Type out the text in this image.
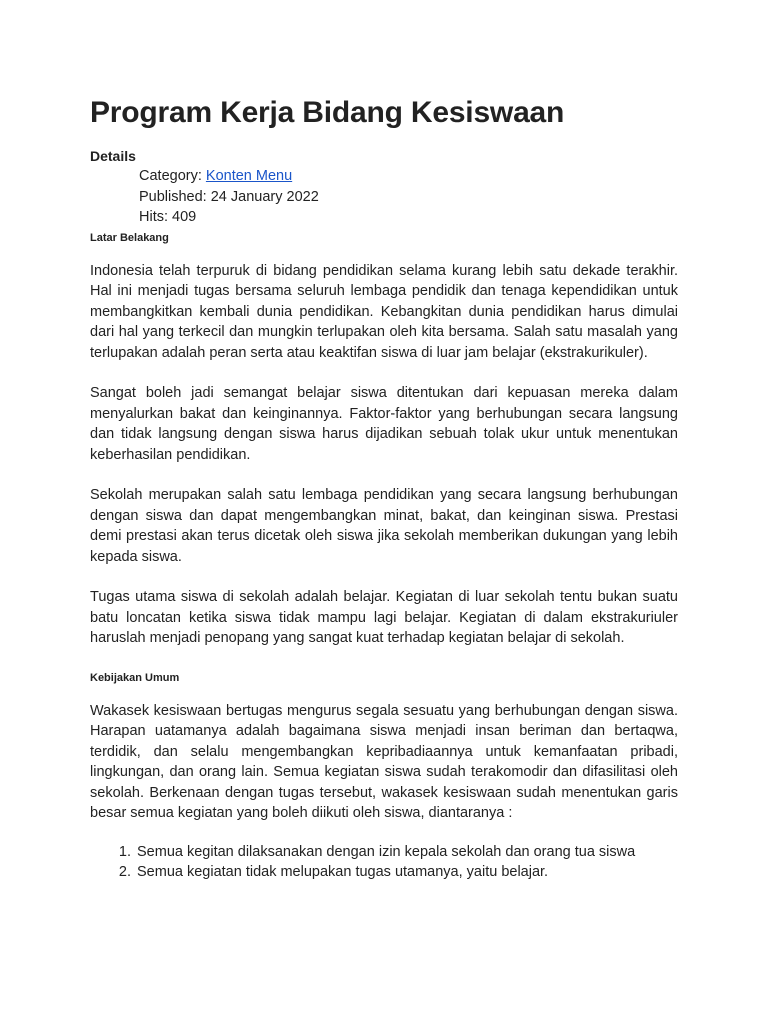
Program Kerja Bidang Kesiswaan
Details
Category: Konten Menu
Published: 24 January 2022
Hits: 409
Latar Belakang

Indonesia telah terpuruk di bidang pendidikan selama kurang lebih satu dekade terakhir. Hal ini menjadi tugas bersama seluruh lembaga pendidik dan tenaga kependidikan untuk membangkitkan kembali dunia pendidikan. Kebangkitan dunia pendidikan harus dimulai dari hal yang terkecil dan mungkin terlupakan oleh kita bersama. Salah satu masalah yang terlupakan adalah peran serta atau keaktifan siswa di luar jam belajar (ekstrakurikuler).

Sangat boleh jadi semangat belajar siswa ditentukan dari kepuasan mereka dalam menyalurkan bakat dan keinginannya. Faktor-faktor yang berhubungan secara langsung dan tidak langsung dengan siswa harus dijadikan sebuah tolak ukur untuk menentukan keberhasilan pendidikan.

Sekolah merupakan salah satu lembaga pendidikan yang secara langsung berhubungan dengan siswa dan dapat mengembangkan minat, bakat, dan keinginan siswa. Prestasi demi prestasi akan terus dicetak oleh siswa jika sekolah memberikan dukungan yang lebih kepada siswa.

Tugas utama siswa di sekolah adalah belajar. Kegiatan di luar sekolah tentu bukan suatu batu loncatan ketika siswa tidak mampu lagi belajar. Kegiatan di dalam ekstrakuriuler haruslah menjadi penopang yang sangat kuat terhadap kegiatan belajar di sekolah.

Kebijakan Umum

Wakasek kesiswaan bertugas mengurus segala sesuatu yang berhubungan dengan siswa. Harapan uatamanya adalah bagaimana siswa menjadi insan beriman dan bertaqwa, terdidik, dan selalu mengembangkan kepribadiaannya untuk kemanfaatan pribadi, lingkungan, dan orang lain. Semua kegiatan siswa sudah terakomodir dan difasilitasi oleh sekolah. Berkenaan dengan tugas tersebut, wakasek kesiswaan sudah menentukan garis besar semua kegiatan yang boleh diikuti oleh siswa, diantaranya :

1. Semua kegitan dilaksanakan dengan izin kepala sekolah dan orang tua siswa
2. Semua kegiatan tidak melupakan tugas utamanya, yaitu belajar.
